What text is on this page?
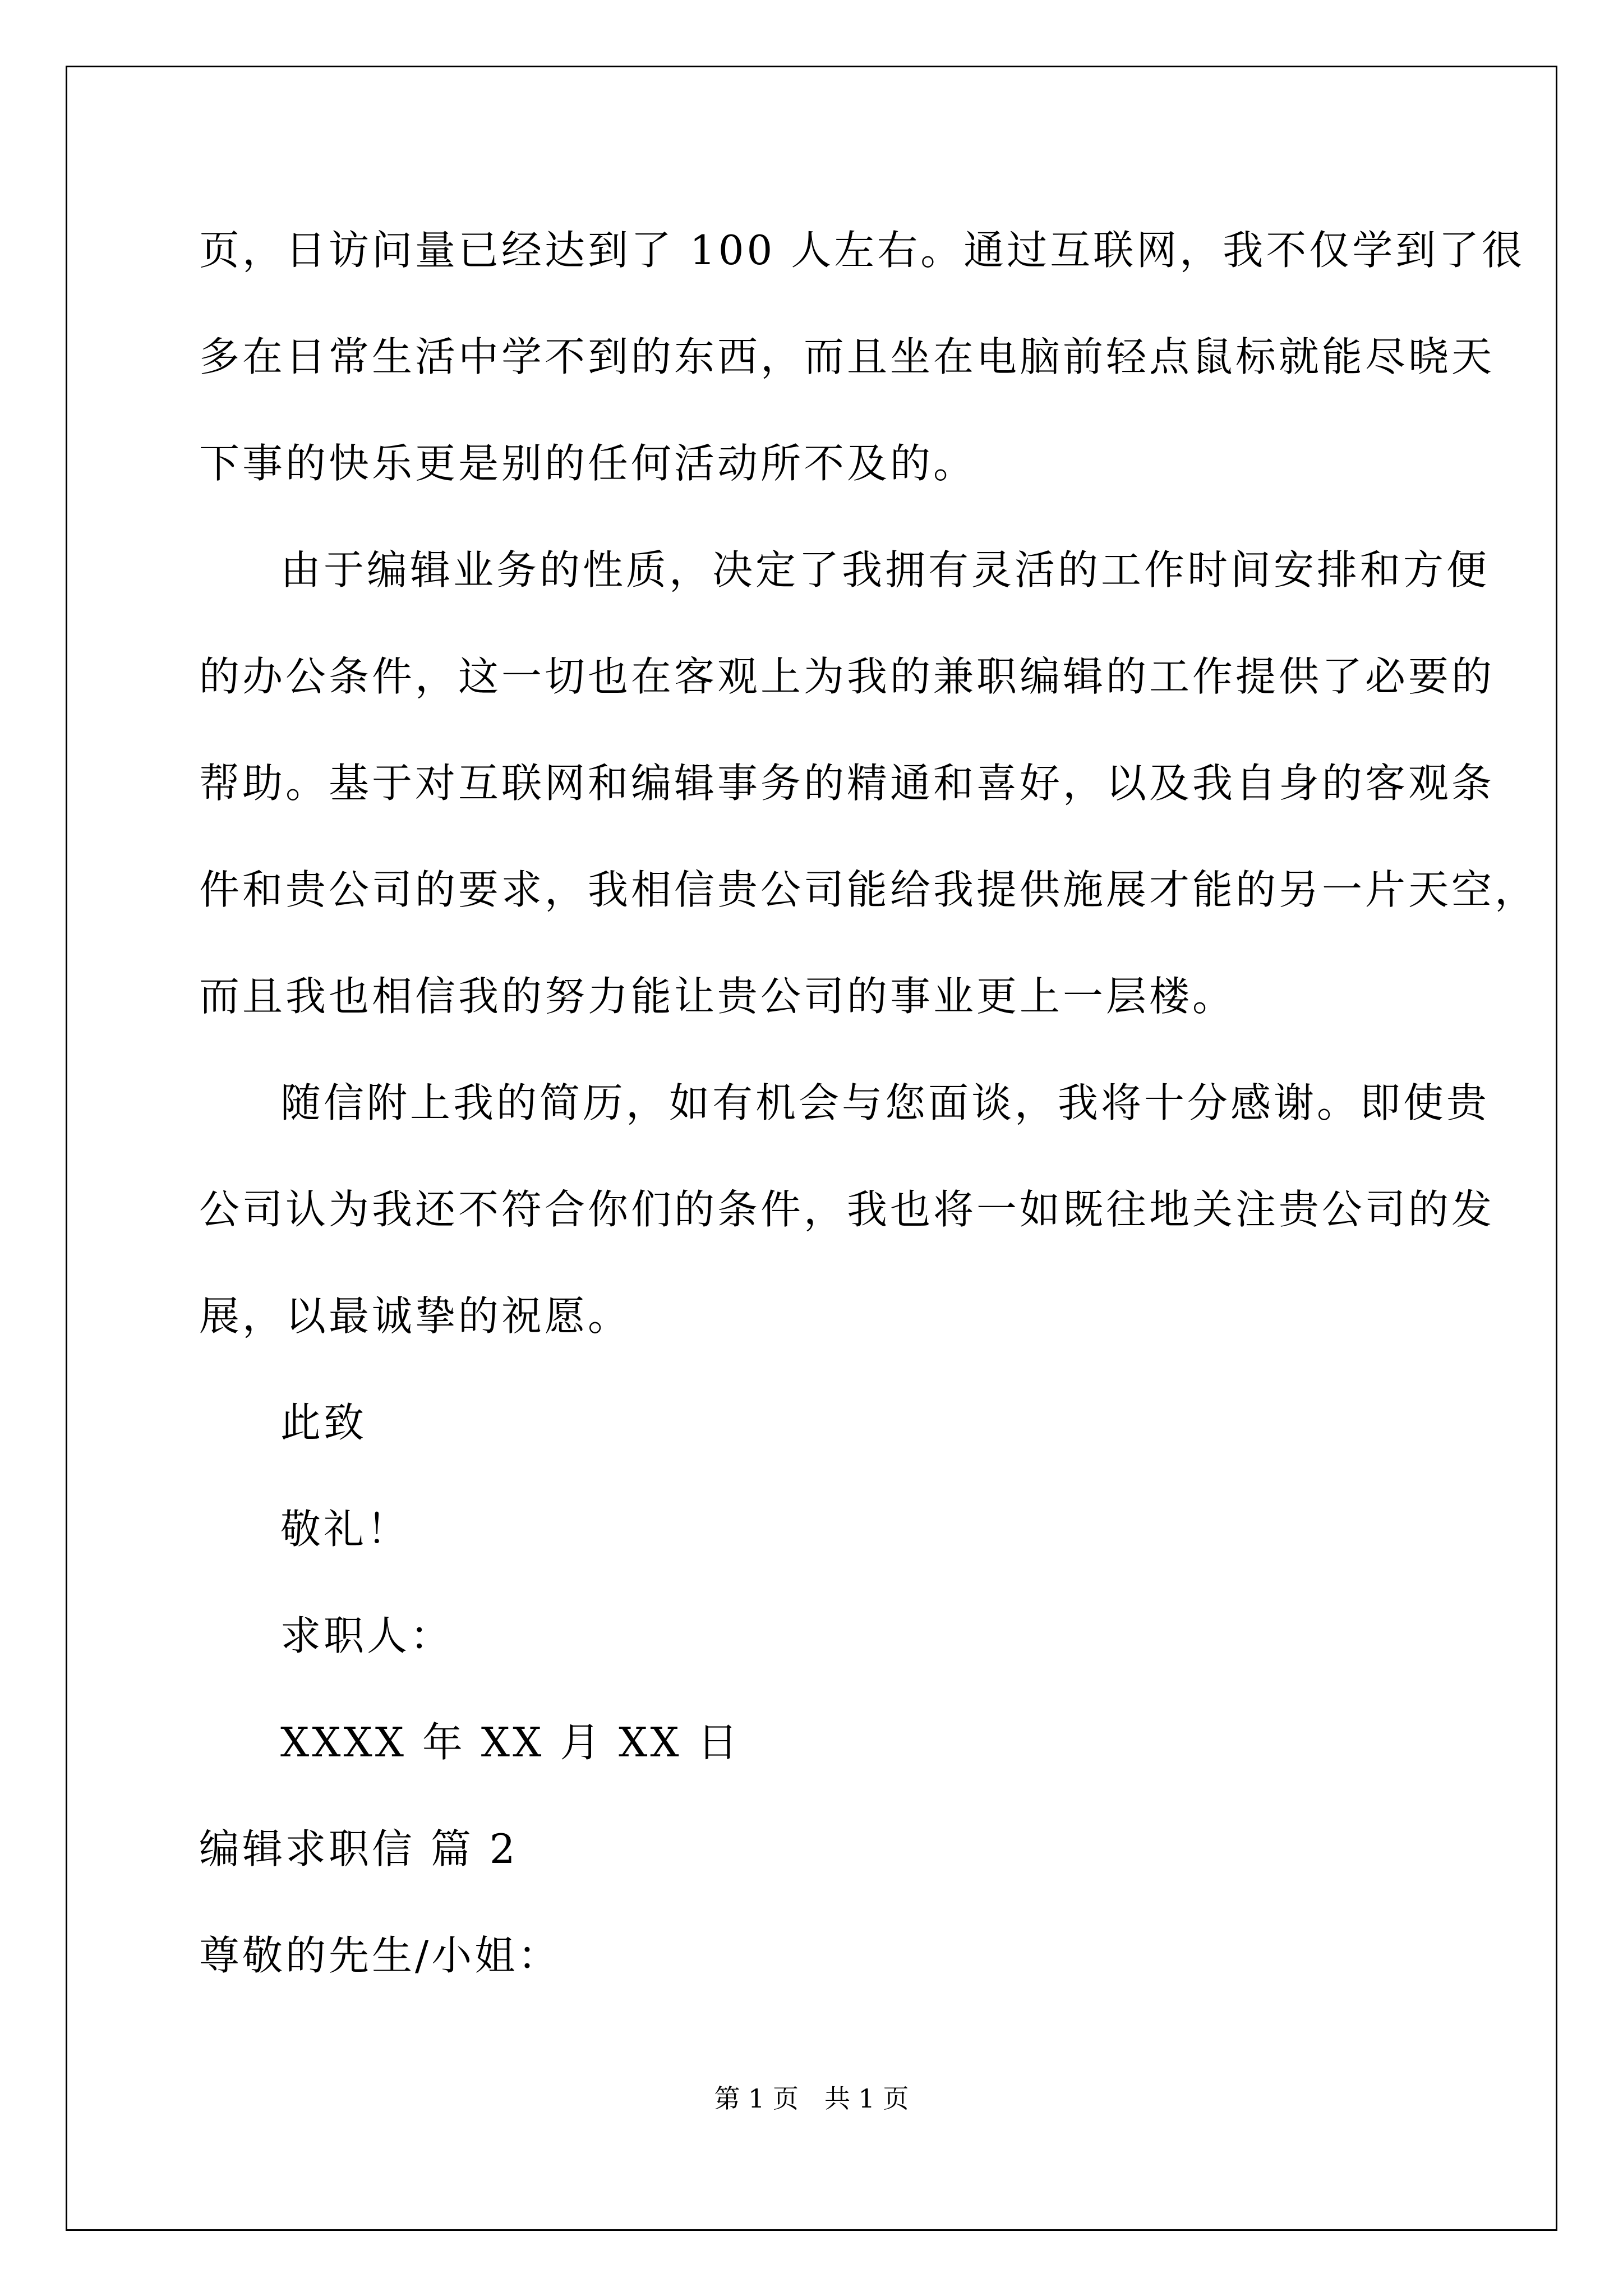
页，日访问量已经达到了 100 人左右。通过互联网，我不仅学到了很
多在日常生活中学不到的东西，而且坐在电脑前轻点鼠标就能尽晓天
下事的快乐更是别的任何活动所不及的。
由于编辑业务的性质，决定了我拥有灵活的工作时间安排和方便
的办公条件，这一切也在客观上为我的兼职编辑的工作提供了必要的
帮助。基于对互联网和编辑事务的精通和喜好，以及我自身的客观条
件和贵公司的要求，我相信贵公司能给我提供施展才能的另一片天空，
而且我也相信我的努力能让贵公司的事业更上一层楼。
随信附上我的简历，如有机会与您面谈，我将十分感谢。即使贵
公司认为我还不符合你们的条件，我也将一如既往地关注贵公司的发
展，以最诚挚的祝愿。
此致
敬礼！
求职人：
XXXX 年 XX 月 XX 日
编辑求职信 篇 2
尊敬的先生/小姐：
第 1 页　共 1 页
